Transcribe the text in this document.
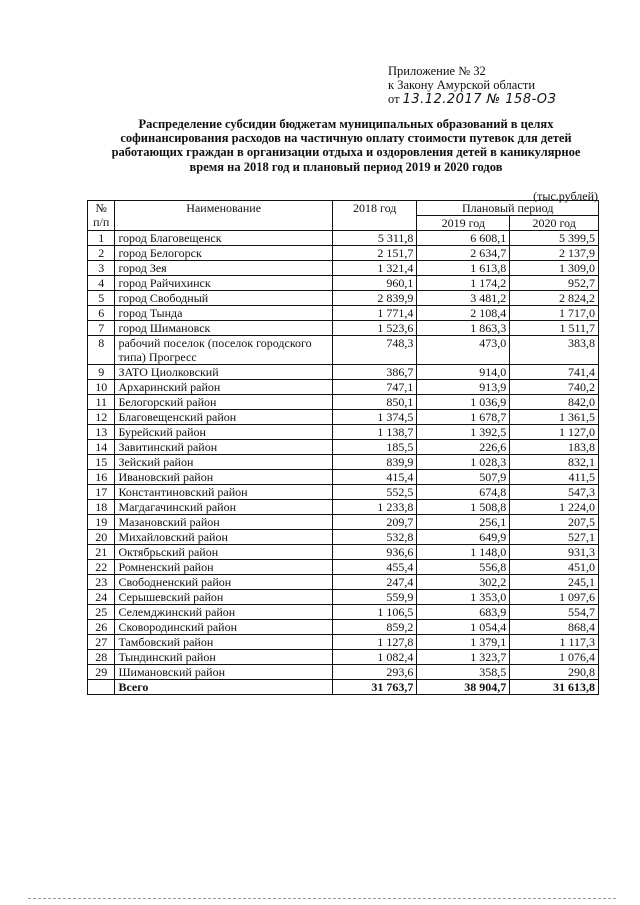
Приложение № 32
к Закону Амурской области
от 13.12.2017 № 158-ОЗ
Распределение субсидии бюджетам муниципальных образований в целях
софинансирования расходов на частичную оплату стоимости путевок для детей
работающих граждан в организации отдыха и оздоровления детей в каникулярное
время на 2018 год и плановый период 2019 и 2020 годов
(тыс.рублей)
№
п/п	Наименование	2018 год	Плановый период	
			2019 год	2020 год
1	город Благовещенск	5 311,8	6 608,1	5 399,5
2	город Белогорск	2 151,7	2 634,7	2 137,9
3	город Зея	1 321,4	1 613,8	1 309,0
4	город Райчихинск	960,1	1 174,2	952,7
5	город Свободный	2 839,9	3 481,2	2 824,2
6	город Тында	1 771,4	2 108,4	1 717,0
7	город Шимановск	1 523,6	1 863,3	1 511,7
8	рабочий поселок (поселок городского типа) Прогресс	748,3	473,0	383,8
9	ЗАТО Циолковский	386,7	914,0	741,4
10	Архаринский район	747,1	913,9	740,2
11	Белогорский район	850,1	1 036,9	842,0
12	Благовещенский район	1 374,5	1 678,7	1 361,5
13	Бурейский район	1 138,7	1 392,5	1 127,0
14	Завитинский район	185,5	226,6	183,8
15	Зейский район	839,9	1 028,3	832,1
16	Ивановский район	415,4	507,9	411,5
17	Константиновский район	552,5	674,8	547,3
18	Магдагачинский район	1 233,8	1 508,8	1 224,0
19	Мазановский район	209,7	256,1	207,5
20	Михайловский район	532,8	649,9	527,1
21	Октябрьский район	936,6	1 148,0	931,3
22	Ромненский район	455,4	556,8	451,0
23	Свободненский район	247,4	302,2	245,1
24	Серышевский район	559,9	1 353,0	1 097,6
25	Селемджинский район	1 106,5	683,9	554,7
26	Сковородинский район	859,2	1 054,4	868,4
27	Тамбовский район	1 127,8	1 379,1	1 117,3
28	Тындинский район	1 082,4	1 323,7	1 076,4
29	Шимановский район	293,6	358,5	290,8
	Всего	31 763,7	38 904,7	31 613,8
